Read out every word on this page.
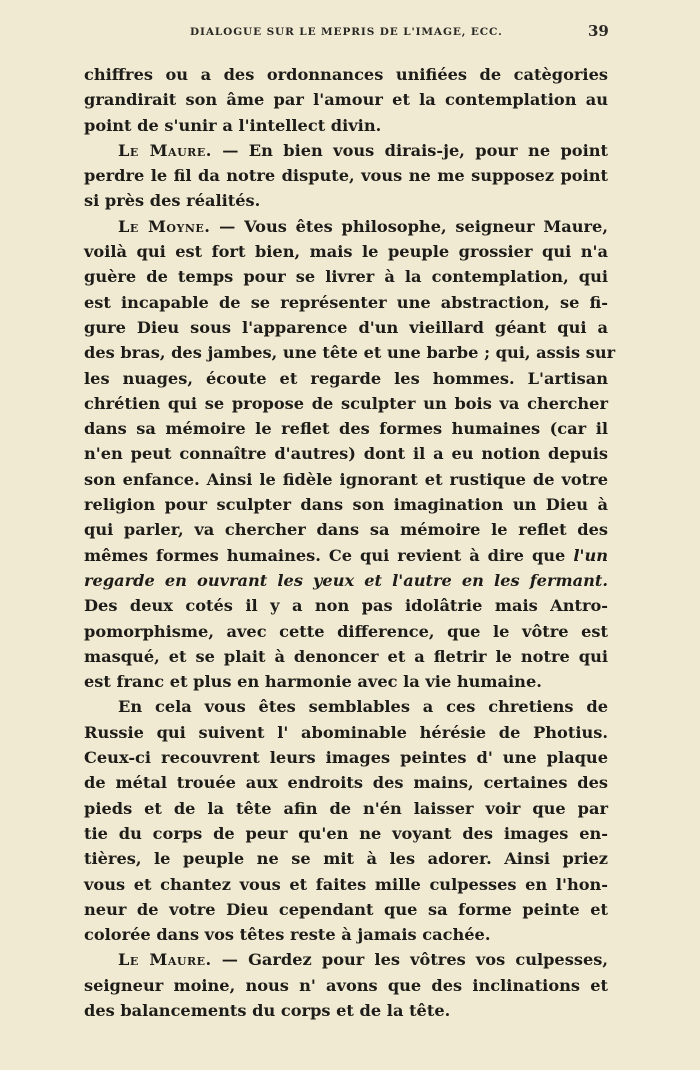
DIALOGUE SUR LE MEPRIS DE L'IMAGE, ECC.	39
chiffres ou a des ordonnances unifiées de catègories
grandirait son âme par l'amour et la contemplation au
point de s'unir a l'intellect divin.
Le Maure. — En bien vous dirais-je, pour ne point
perdre le fil da notre dispute, vous ne me supposez point
si près des réalités.
Le Moyne. — Vous êtes philosophe, seigneur Maure,
voilà qui est fort bien, mais le peuple grossier qui n'a
guère de temps pour se livrer à la contemplation, qui
est incapable de se représenter une abstraction, se fi-
gure Dieu sous l'apparence d'un vieillard géant qui a
des bras, des jambes, une tête et une barbe ; qui, assis sur
les nuages, écoute et regarde les hommes. L'artisan
chrétien qui se propose de sculpter un bois va chercher
dans sa mémoire le reflet des formes humaines (car il
n'en peut connaître d'autres) dont il a eu notion depuis
son enfance. Ainsi le fidèle ignorant et rustique de votre
religion pour sculpter dans son imagination un Dieu à
qui parler, va chercher dans sa mémoire le reflet des
mêmes formes humaines. Ce qui revient à dire que l'un
regarde en ouvrant les yeux et l'autre en les fermant.
Des deux cotés il y a non pas idolâtrie mais Antro-
pomorphisme, avec cette difference, que le vôtre est
masqué, et se plait à denoncer et a fletrir le notre qui
est franc et plus en harmonie avec la vie humaine.
En cela vous êtes semblables a ces chretiens de
Russie qui suivent l' abominable hérésie de Photius.
Ceux-ci recouvrent leurs images peintes d' une plaque
de métal trouée aux endroits des mains, certaines des
pieds et de la tête afin de n'én laisser voir que par
tie du corps de peur qu'en ne voyant des images en-
tières, le peuple ne se mit à les adorer. Ainsi priez
vous et chantez vous et faites mille culpesses en l'hon-
neur de votre Dieu cependant que sa forme peinte et
colorée dans vos têtes reste à jamais cachée.
Le Maure. — Gardez pour les vôtres vos culpesses,
seigneur moine, nous n' avons que des inclinations et
des balancements du corps et de la tête.
